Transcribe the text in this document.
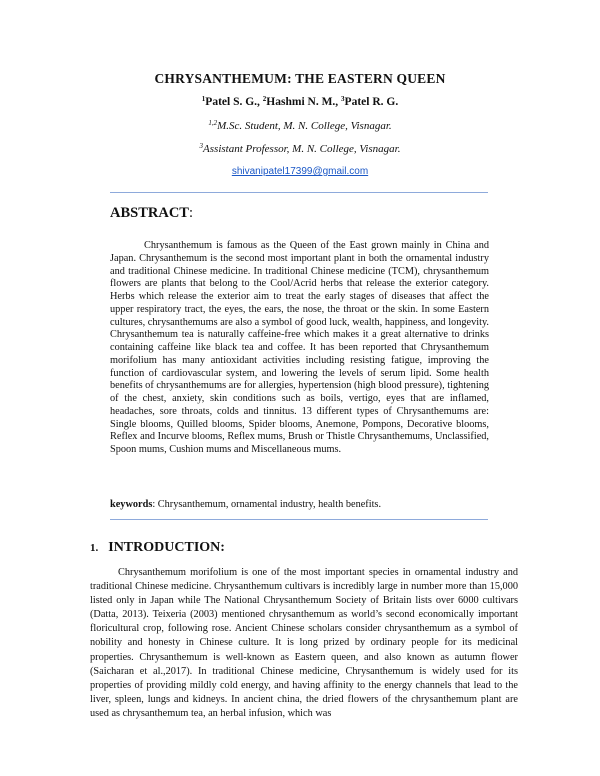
CHRYSANTHEMUM: THE EASTERN QUEEN
$^1$Patel S. G., $^2$Hashmi N. M., $^3$Patel R. G.
$^{1,2}$M.Sc. Student, M. N. College, Visnagar.
$^3$Assistant Professor, M. N. College, Visnagar.
shivanipatel17399@gmail.com
ABSTRACT:

Chrysanthemum is famous as the Queen of the East grown mainly in China and Japan. Chrysanthemum is the second most important plant in both the ornamental industry and traditional Chinese medicine. In traditional Chinese medicine (TCM), chrysanthemum flowers are plants that belong to the Cool/Acrid herbs that release the exterior category. Herbs which release the exterior aim to treat the early stages of diseases that affect the upper respiratory tract, the eyes, the ears, the nose, the throat or the skin. In some Eastern cultures, chrysanthemums are also a symbol of good luck, wealth, happiness, and longevity. Chrysanthemum tea is naturally caffeine-free which makes it a great alternative to drinks containing caffeine like black tea and coffee. It has been reported that Chrysanthemum morifolium has many antioxidant activities including resisting fatigue, improving the function of cardiovascular system, and lowering the levels of serum lipid. Some health benefits of chrysanthemums are for allergies, hypertension (high blood pressure), tightening of the chest, anxiety, skin conditions such as boils, vertigo, eyes that are inflamed, headaches, sore throats, colds and tinnitus. 13 different types of Chrysanthemums are: Single blooms, Quilled blooms, Spider blooms, Anemone, Pompons, Decorative blooms, Reflex and Incurve blooms, Reflex mums, Brush or Thistle Chrysanthemums, Unclassified, Spoon mums, Cushion mums and Miscellaneous mums.

keywords: Chrysanthemum, ornamental industry, health benefits.
1. INTRODUCTION:

Chrysanthemum morifolium is one of the most important species in ornamental industry and traditional Chinese medicine. Chrysanthemum cultivars is incredibly large in number more than 15,000 listed only in Japan while The National Chrysanthemum Society of Britain lists over 6000 cultivars (Datta, 2013). Teixeria (2003) mentioned chrysanthemum as world’s second economically important floricultural crop, following rose. Ancient Chinese scholars consider chrysanthemum as a symbol of nobility and honesty in Chinese culture. It is long prized by ordinary people for its medicinal properties. Chrysanthemum is well-known as Eastern queen, and also known as autumn flower (Saicharan et al.,2017). In traditional Chinese medicine, Chrysanthemum is widely used for its properties of providing mildly cold energy, and having affinity to the energy channels that lead to the liver, spleen, lungs and kidneys. In ancient china, the dried flowers of the chrysanthemum plant are used as chrysanthemum tea, an herbal infusion, which was
